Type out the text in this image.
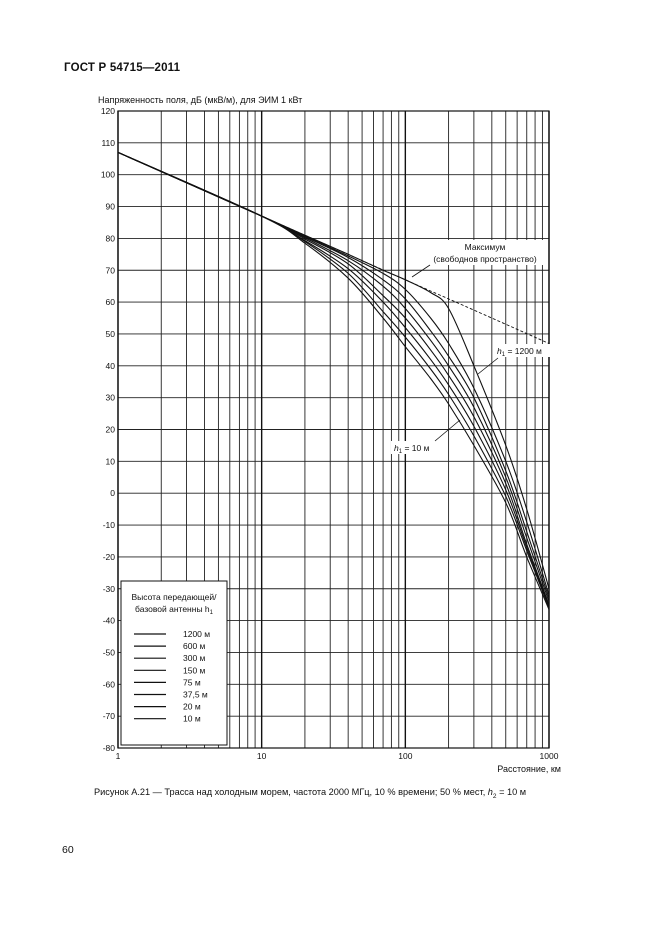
ГОСТ Р 54715—2011
Напряженность поля, дБ (мкВ/м), для ЭИМ 1 кВт
120
110
100
90
80
70
60
50
40
30
20
10
0
-10
-20
-30
-40
-50
-60
-70
-80
1	10	100	1000
Расстояние, км
Максимум
(свободнов пространство)
$h_1 = 1200$ м
$h_1 = 10$ м
Высота передающей/
базовой антенны $h_1$
1200 м
600 м
300 м
150 м
75 м
37,5 м
20 м
10 м
Рисунок A.21 — Трасса над холодным морем, частота 2000 МГц, 10 % времени; 50 % мест, $h_2 = 10$ м
60
